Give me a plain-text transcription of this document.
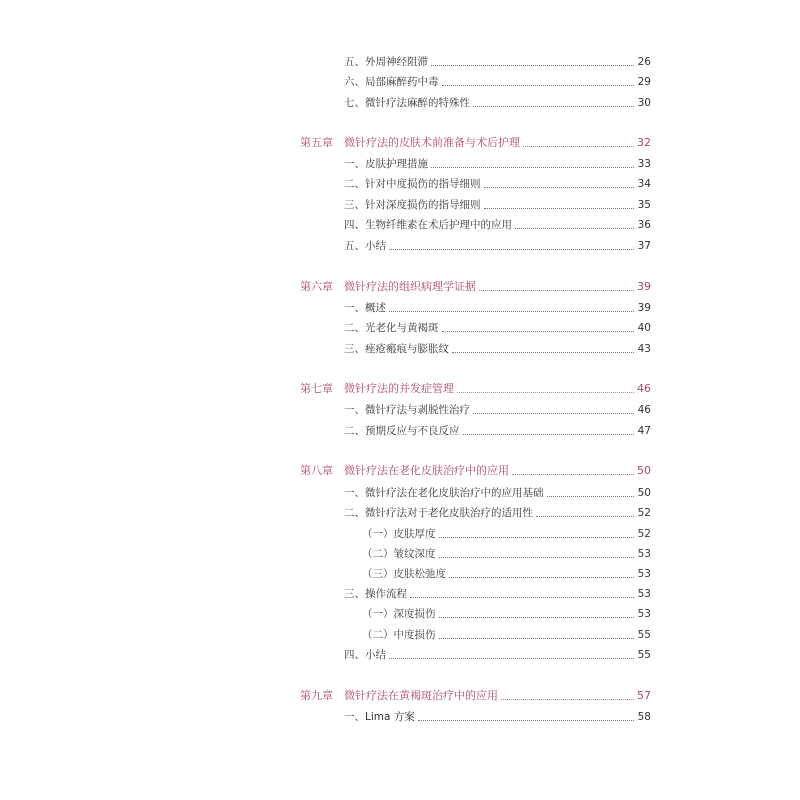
五、外周神经阻滞	26
六、局部麻醉药中毒	29
七、微针疗法麻醉的特殊性	30
第五章	微针疗法的皮肤术前准备与术后护理	32
一、皮肤护理措施	33
二、针对中度损伤的指导细则	34
三、针对深度损伤的指导细则	35
四、生物纤维素在术后护理中的应用	36
五、小结	37
第六章	微针疗法的组织病理学证据	39
一、概述	39
二、光老化与黄褐斑	40
三、痤疮瘢痕与膨胀纹	43
第七章	微针疗法的并发症管理	46
一、微针疗法与剥脱性治疗	46
二、预期反应与不良反应	47
第八章	微针疗法在老化皮肤治疗中的应用	50
一、微针疗法在老化皮肤治疗中的应用基础	50
二、微针疗法对于老化皮肤治疗的适用性	52
（一）皮肤厚度	52
（二）皱纹深度	53
（三）皮肤松弛度	53
三、操作流程	53
（一）深度损伤	53
（二）中度损伤	55
四、小结	55
第九章	微针疗法在黄褐斑治疗中的应用	57
一、Lima 方案	58
